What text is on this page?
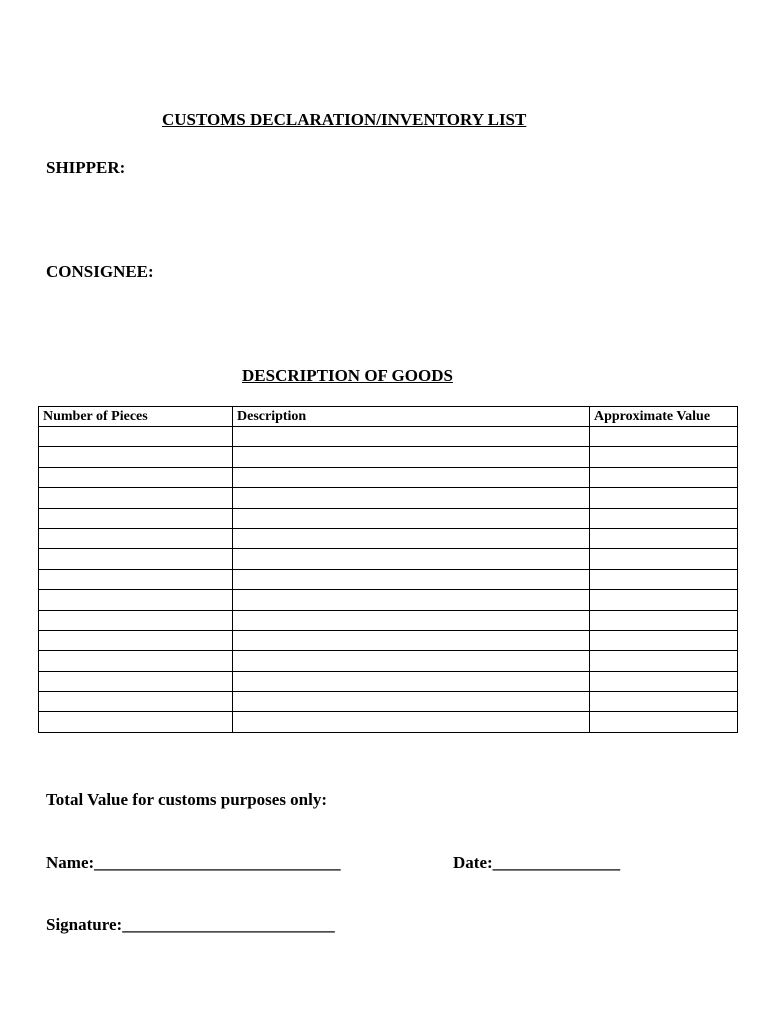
CUSTOMS DECLARATION/INVENTORY LIST
SHIPPER:
CONSIGNEE:
DESCRIPTION OF GOODS
Number of Pieces	Description	Approximate Value

Total Value for customs purposes only:
Name:_____________________________	Date:_______________
Signature:_________________________
